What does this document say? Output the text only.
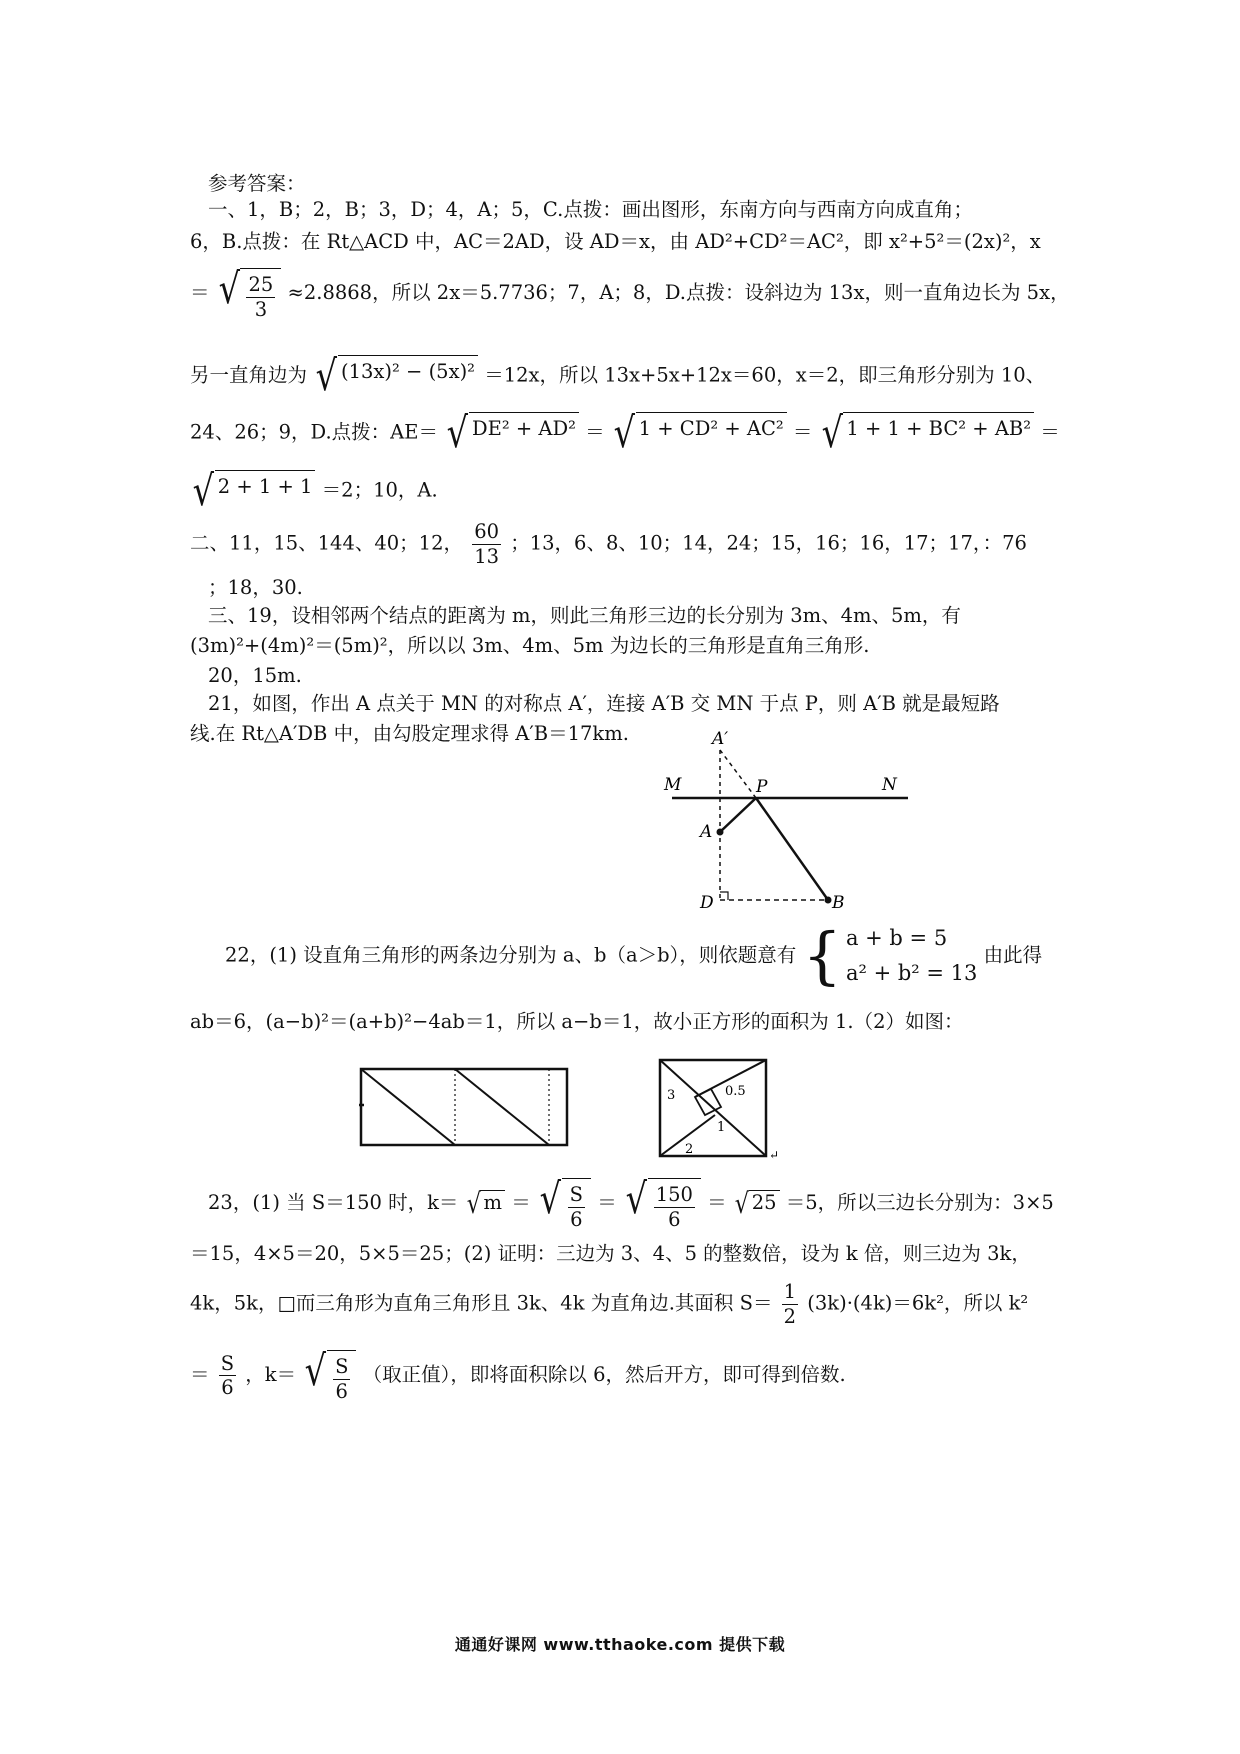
参考答案：
一、1，B；2，B；3，D；4，A；5，C.点拨：画出图形，东南方向与西南方向成直角；
6，B.点拨：在 Rt△ACD 中，AC＝2AD，设 AD＝x，由 AD²+CD²＝AC²，即 x²+5²＝(2x)²，x
＝ √ $\frac{25}{3} \approx 2.8868$，所以 2x＝5.7736；7，A；8，D.点拨：设斜边为 13x，则一直角边长为 5x，
另一直角边为 √ (13x)² − (5x)² ＝12x，所以 13x+5x+12x＝60，x＝2，即三角形分别为 10、
24、26；9，D.点拨：AE＝ √ DE² + AD² ＝ √ 1 + CD² + AC² ＝ √ 1 + 1 + BC² + AB² ＝
√ 2 + 1 + 1 ＝2；10，A.
二、11，15、144、40；12， $\frac{60}{13}$ ；13，6、8、10；14，24；15，16；16，17；17，：76
；18，30.
三、19，设相邻两个结点的距离为 m，则此三角形三边的长分别为 3m、4m、5m，有
(3m)²+(4m)²＝(5m)²，所以以 3m、4m、5m 为边长的三角形是直角三角形.
20，15m.
21，如图，作出 A 点关于 MN 的对称点 A′，连接 A′B 交 MN 于点 P，则 A′B 就是最短路
线.在 Rt△A′DB 中，由勾股定理求得 A′B＝17km.	A′
M	P	N
A
D	B
22，(1) 设直角三角形的两条边分别为 a、b（a＞b），则依题意有 { a + b = 5
a² + b² = 13
由此得
ab＝6，(a−b)²＝(a+b)²−4ab＝1，所以 a−b＝1，故小正方形的面积为 1.（2）如图：
3	0.5
1
2	↵
23，(1) 当 S＝150 时，k＝ √ m ＝ √ $\frac{S}{6}$ ＝ √ $\frac{150}{6}$ ＝ √ 25 ＝5，所以三边长分别为：3×5
＝15，4×5＝20，5×5＝25；(2) 证明：三边为 3、4、5 的整数倍，设为 k 倍，则三边为 3k，
4k，5k，□而三角形为直角三角形且 3k、4k 为直角边.其面积 $S= \frac{1}{2} (3k)\cdot(4k)=6k^2$，所以 k²
＝ $\frac{S}{6}$ ，k＝ √ $\frac{S}{6}$ （取正值），即将面积除以 6，然后开方，即可得到倍数.
通通好课网 www.tthaoke.com 提供下载
